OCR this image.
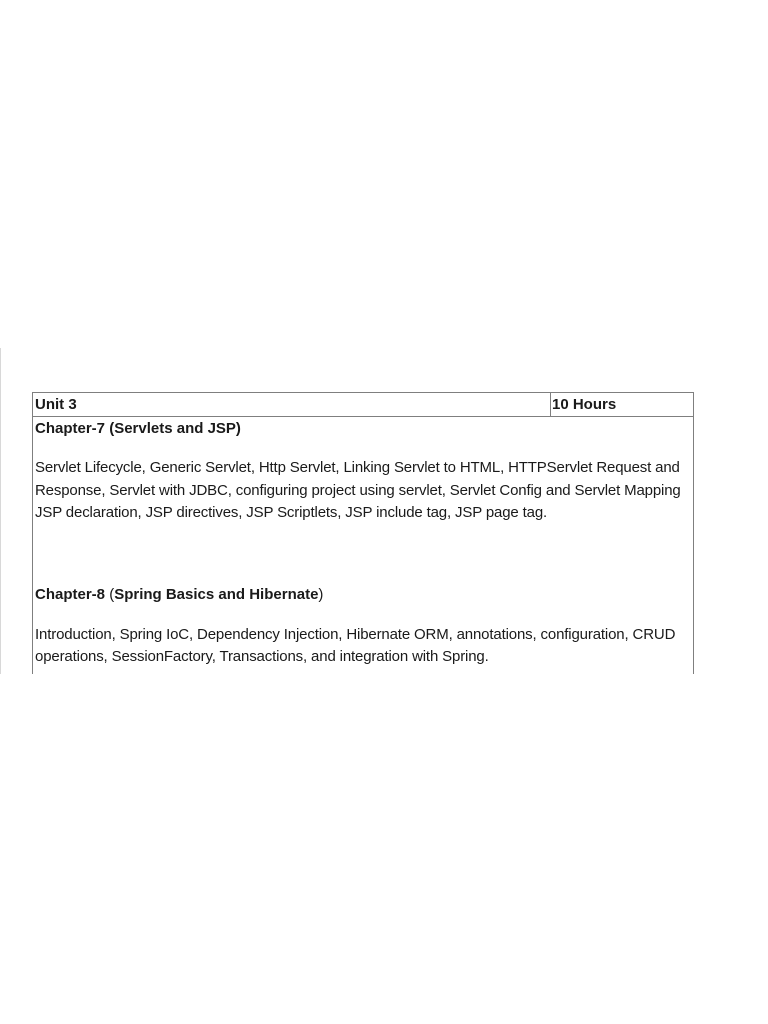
Unit 3	10 Hours

Chapter-7 (Servlets and JSP)

Servlet Lifecycle, Generic Servlet, Http Servlet, Linking Servlet to HTML, HTTPServlet Request and Response, Servlet with JDBC, configuring project using servlet, Servlet Config and Servlet Mapping JSP declaration, JSP directives, JSP Scriptlets, JSP include tag, JSP page tag.

Chapter-8 (Spring Basics and Hibernate)

Introduction, Spring IoC, Dependency Injection, Hibernate ORM, annotations, configuration, CRUD operations, SessionFactory, Transactions, and integration with Spring.
